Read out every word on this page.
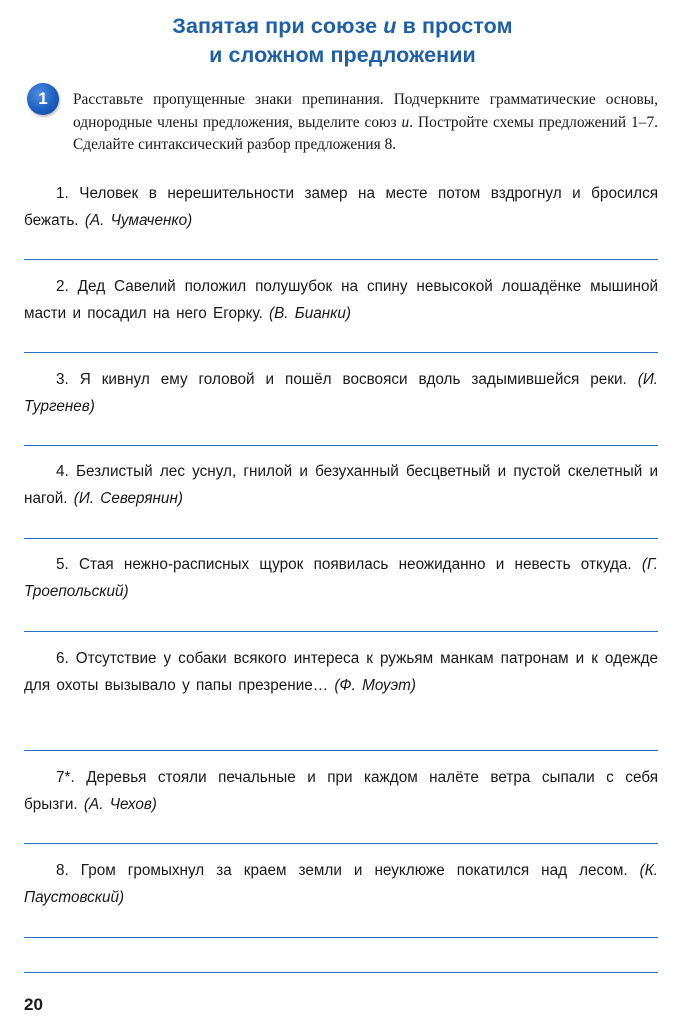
Запятая при союзе и в простом
и сложном предложении
1	Расставьте пропущенные знаки препинания. Подчеркните грамматические основы, однородные члены предложения, выделите союз и. Постройте схемы предложений 1–7. Сделайте синтаксический разбор предложения 8.
1. Человек в нерешительности замер на месте потом вздрогнул и бросился бежать. (А. Чумаченко)
2. Дед Савелий положил полушубок на спину невысокой лошадёнке мышиной масти и посадил на него Егорку. (В. Бианки)
3. Я кивнул ему головой и пошёл восвояси вдоль задымившейся реки. (И. Тургенев)
4. Безлистый лес уснул, гнилой и безуханный бесцветный и пустой скелетный и нагой. (И. Северянин)
5. Стая нежно-расписных щурок появилась неожиданно и невесть откуда. (Г. Троепольский)
6. Отсутствие у собаки всякого интереса к ружьям манкам патронам и к одежде для охоты вызывало у папы презрение… (Ф. Моуэт)
7*. Деревья стояли печальные и при каждом налёте ветра сыпали с себя брызги. (А. Чехов)
8. Гром громыхнул за краем земли и неуклюже покатился над лесом. (К. Паустовский)
20
